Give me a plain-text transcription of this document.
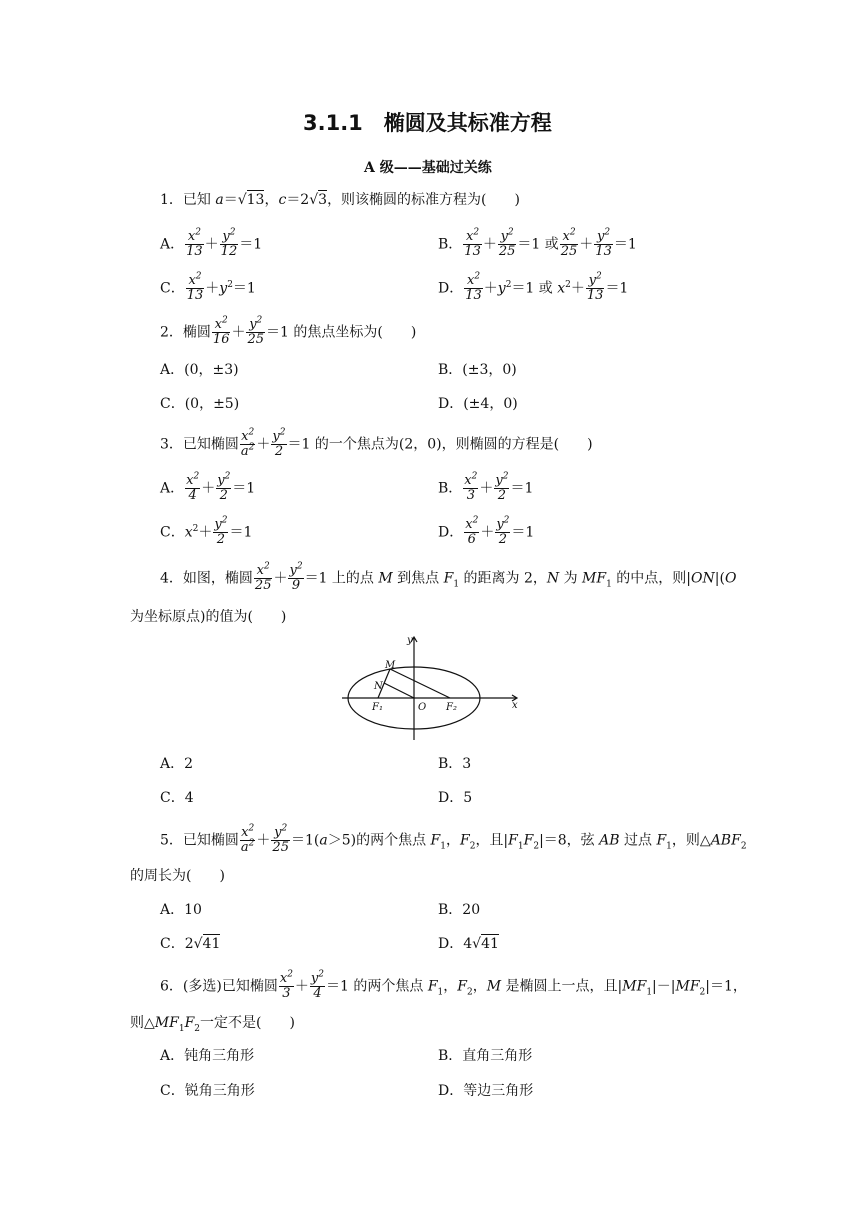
3.1.1　椭圆及其标准方程
A 级——基础过关练
1．已知 a＝√13，c＝2√3，则该椭圆的标准方程为(　　)
A． $\frac{x^2}{13} + \frac{y^2}{12} =1$	B． $\frac{x^2}{13} + \frac{y^2}{25} =1$ 或 $\frac{x^2}{25} + \frac{y^2}{13} =1$
C． $\frac{x^2}{13} +y^2=1$	D． $\frac{x^2}{13} +y^2=1$ 或 $x^2+ \frac{y^2}{13} =1$
2．椭圆 $\frac{x^2}{16} + \frac{y^2}{25} =1$ 的焦点坐标为(　　)
A．(0，±3)	B．(±3，0)
C．(0，±5)	D．(±4，0)
3．已知椭圆 $\frac{x^2}{a^2} + \frac{y^2}{2} =1$ 的一个焦点为(2，0)，则椭圆的方程是(　　)
A． $\frac{x^2}{4} + \frac{y^2}{2} =1$	B． $\frac{x^2}{3} + \frac{y^2}{2} =1$
C．$x^2+ \frac{y^2}{2} =1$	D． $\frac{x^2}{6} + \frac{y^2}{2} =1$
4．如图，椭圆 $\frac{x^2}{25} + \frac{y^2}{9} =1$ 上的点 M 到焦点 $F_1$ 的距离为 2，N 为 $MF_1$ 的中点，则|ON|(O
为坐标原点)的值为(　　)
y
x
M
N
O
F₁	F₂
A．2	B．3
C．4	D．5
5．已知椭圆 $\frac{x^2}{a^2} + \frac{y^2}{25} =1(a>5)$的两个焦点 $F_1$，$F_2$，且$|F_1F_2|=8$，弦 AB 过点 $F_1$，则$\triangle ABF_2$
的周长为(　　)
A．10	B．20
C．2√41	D．4√41
6．(多选)已知椭圆 $\frac{x^2}{3} + \frac{y^2}{4} =1$ 的两个焦点 $F_1$，$F_2$，M 是椭圆上一点，且$|MF_1|-|MF_2|=1$，
则$\triangle MF_1F_2$一定不是(　　)
A．钝角三角形	B．直角三角形
C．锐角三角形	D．等边三角形
